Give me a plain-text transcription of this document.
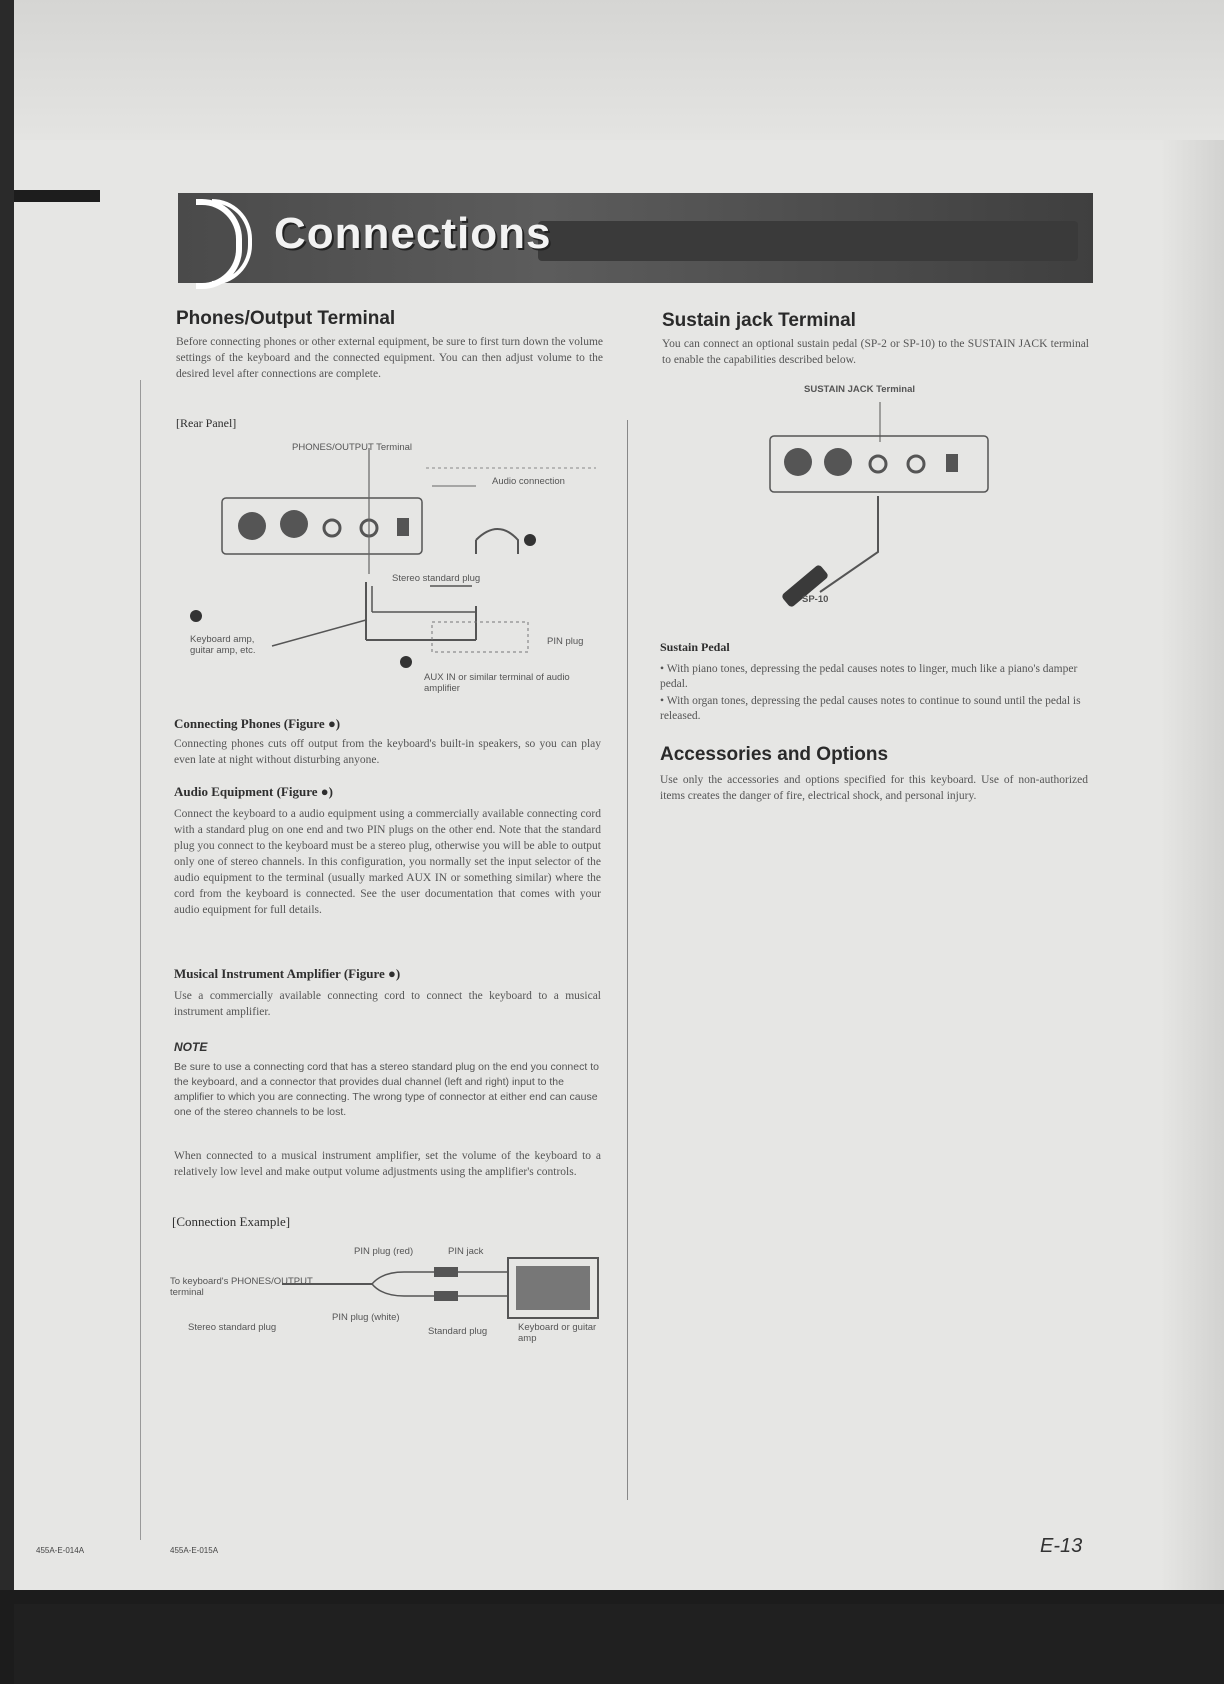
Connections
Phones/Output Terminal
Before connecting phones or other external equipment, be sure to first turn down the volume settings of the keyboard and the connected equipment. You can then adjust volume to the desired level after connections are complete.
[Rear Panel]
PHONES/OUTPUT Terminal
Audio connection
Stereo standard plug
Keyboard amp, guitar amp, etc.
PIN plug
AUX IN or similar terminal of audio amplifier
Connecting Phones (Figure ●)
Connecting phones cuts off output from the keyboard's built-in speakers, so you can play even late at night without disturbing anyone.
Audio Equipment (Figure ●)
Connect the keyboard to a audio equipment using a commercially available connecting cord with a standard plug on one end and two PIN plugs on the other end. Note that the standard plug you connect to the keyboard must be a stereo plug, otherwise you will be able to output only one of stereo channels. In this configuration, you normally set the input selector of the audio equipment to the terminal (usually marked AUX IN or something similar) where the cord from the keyboard is connected. See the user documentation that comes with your audio equipment for full details.
Musical Instrument Amplifier (Figure ●)
Use a commercially available connecting cord to connect the keyboard to a musical instrument amplifier.
NOTE
Be sure to use a connecting cord that has a stereo standard plug on the end you connect to the keyboard, and a connector that provides dual channel (left and right) input to the amplifier to which you are connecting. The wrong type of connector at either end can cause one of the stereo channels to be lost.
When connected to a musical instrument amplifier, set the volume of the keyboard to a relatively low level and make output volume adjustments using the amplifier's controls.
[Connection Example]
PIN plug (red)	PIN jack
To keyboard's PHONES/OUTPUT terminal
PIN plug (white)
Stereo standard plug	Standard plug	Keyboard or guitar amp
Sustain jack Terminal
You can connect an optional sustain pedal (SP-2 or SP-10) to the SUSTAIN JACK terminal to enable the capabilities described below.
SUSTAIN JACK Terminal
SP-10
Sustain Pedal
• With piano tones, depressing the pedal causes notes to linger, much like a piano's damper pedal.
• With organ tones, depressing the pedal causes notes to continue to sound until the pedal is released.
Accessories and Options
Use only the accessories and options specified for this keyboard. Use of non-authorized items creates the danger of fire, electrical shock, and personal injury.
455A-E-014A	455A-E-015A	E-13
